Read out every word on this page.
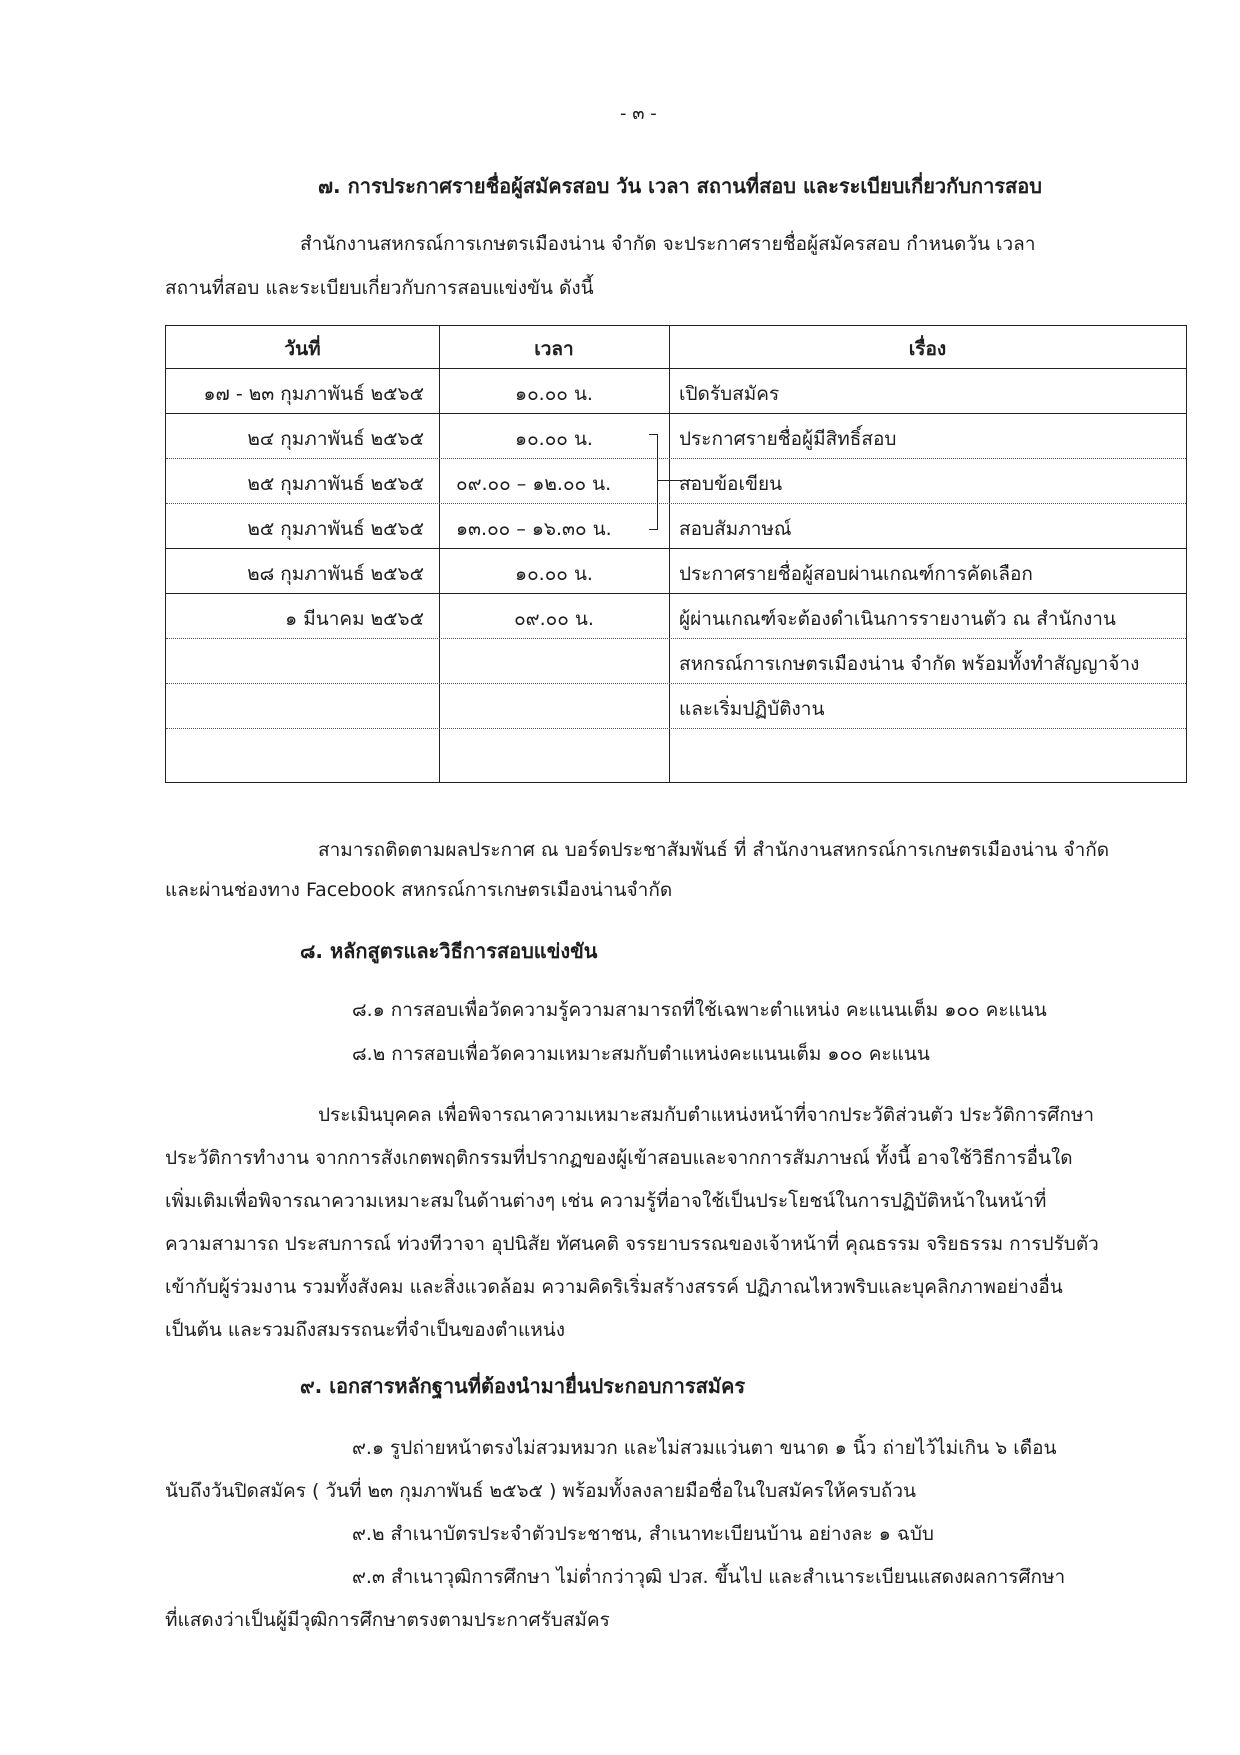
- ๓ -
๗. การประกาศรายชื่อผู้สมัครสอบ วัน เวลา สถานที่สอบ และระเบียบเกี่ยวกับการสอบ
สำนักงานสหกรณ์การเกษตรเมืองน่าน จำกัด จะประกาศรายชื่อผู้สมัครสอบ กำหนดวัน เวลา
สถานที่สอบ และระเบียบเกี่ยวกับการสอบแข่งขัน ดังนี้
วันที่	เวลา	เรื่อง
๑๗ - ๒๓ กุมภาพันธ์ ๒๕๖๕	๑๐.๐๐ น.	เปิดรับสมัคร
๒๔ กุมภาพันธ์ ๒๕๖๕	๑๐.๐๐ น.	ประกาศรายชื่อผู้มีสิทธิ์สอบ
๒๕ กุมภาพันธ์ ๒๕๖๕ ๐๙.๐๐ – ๑๒.๐๐ น.	สอบข้อเขียน
๒๕ กุมภาพันธ์ ๒๕๖๕ ๑๓.๐๐ – ๑๖.๓๐ น.	สอบสัมภาษณ์
๒๘ กุมภาพันธ์ ๒๕๖๕	๑๐.๐๐ น.	ประกาศรายชื่อผู้สอบผ่านเกณฑ์การคัดเลือก
๑ มีนาคม ๒๕๖๕	๐๙.๐๐ น.	ผู้ผ่านเกณฑ์จะต้องดำเนินการรายงานตัว ณ สำนักงาน
สหกรณ์การเกษตรเมืองน่าน จำกัด พร้อมทั้งทำสัญญาจ้าง
และเริ่มปฏิบัติงาน
สามารถติดตามผลประกาศ ณ บอร์ดประชาสัมพันธ์ ที่ สำนักงานสหกรณ์การเกษตรเมืองน่าน จำกัด
และผ่านช่องทาง Facebook สหกรณ์การเกษตรเมืองน่านจำกัด
๘. หลักสูตรและวิธีการสอบแข่งขัน
๘.๑ การสอบเพื่อวัดความรู้ความสามารถที่ใช้เฉพาะตำแหน่ง คะแนนเต็ม ๑๐๐ คะแนน
๘.๒ การสอบเพื่อวัดความเหมาะสมกับตำแหน่งคะแนนเต็ม ๑๐๐ คะแนน
ประเมินบุคคล เพื่อพิจารณาความเหมาะสมกับตำแหน่งหน้าที่จากประวัติส่วนตัว ประวัติการศึกษา
ประวัติการทำงาน จากการสังเกตพฤติกรรมที่ปรากฏของผู้เข้าสอบและจากการสัมภาษณ์ ทั้งนี้ อาจใช้วิธีการอื่นใด
เพิ่มเติมเพื่อพิจารณาความเหมาะสมในด้านต่างๆ เช่น ความรู้ที่อาจใช้เป็นประโยชน์ในการปฏิบัติหน้าในหน้าที่
ความสามารถ ประสบการณ์ ท่วงทีวาจา อุปนิสัย ทัศนคติ จรรยาบรรณของเจ้าหน้าที่ คุณธรรม จริยธรรม การปรับตัว
เข้ากับผู้ร่วมงาน รวมทั้งสังคม และสิ่งแวดล้อม ความคิดริเริ่มสร้างสรรค์ ปฏิภาณไหวพริบและบุคลิกภาพอย่างอื่น
เป็นต้น และรวมถึงสมรรถนะที่จำเป็นของตำแหน่ง
๙. เอกสารหลักฐานที่ต้องนำมายื่นประกอบการสมัคร
๙.๑ รูปถ่ายหน้าตรงไม่สวมหมวก และไม่สวมแว่นตา ขนาด ๑ นิ้ว ถ่ายไว้ไม่เกิน ๖ เดือน
นับถึงวันปิดสมัคร ( วันที่ ๒๓ กุมภาพันธ์ ๒๕๖๕ ) พร้อมทั้งลงลายมือชื่อในใบสมัครให้ครบถ้วน
๙.๒ สำเนาบัตรประจำตัวประชาชน, สำเนาทะเบียนบ้าน อย่างละ ๑ ฉบับ
๙.๓ สำเนาวุฒิการศึกษา ไม่ต่ำกว่าวุฒิ ปวส. ขึ้นไป และสำเนาระเบียนแสดงผลการศึกษา
ที่แสดงว่าเป็นผู้มีวุฒิการศึกษาตรงตามประกาศรับสมัคร
